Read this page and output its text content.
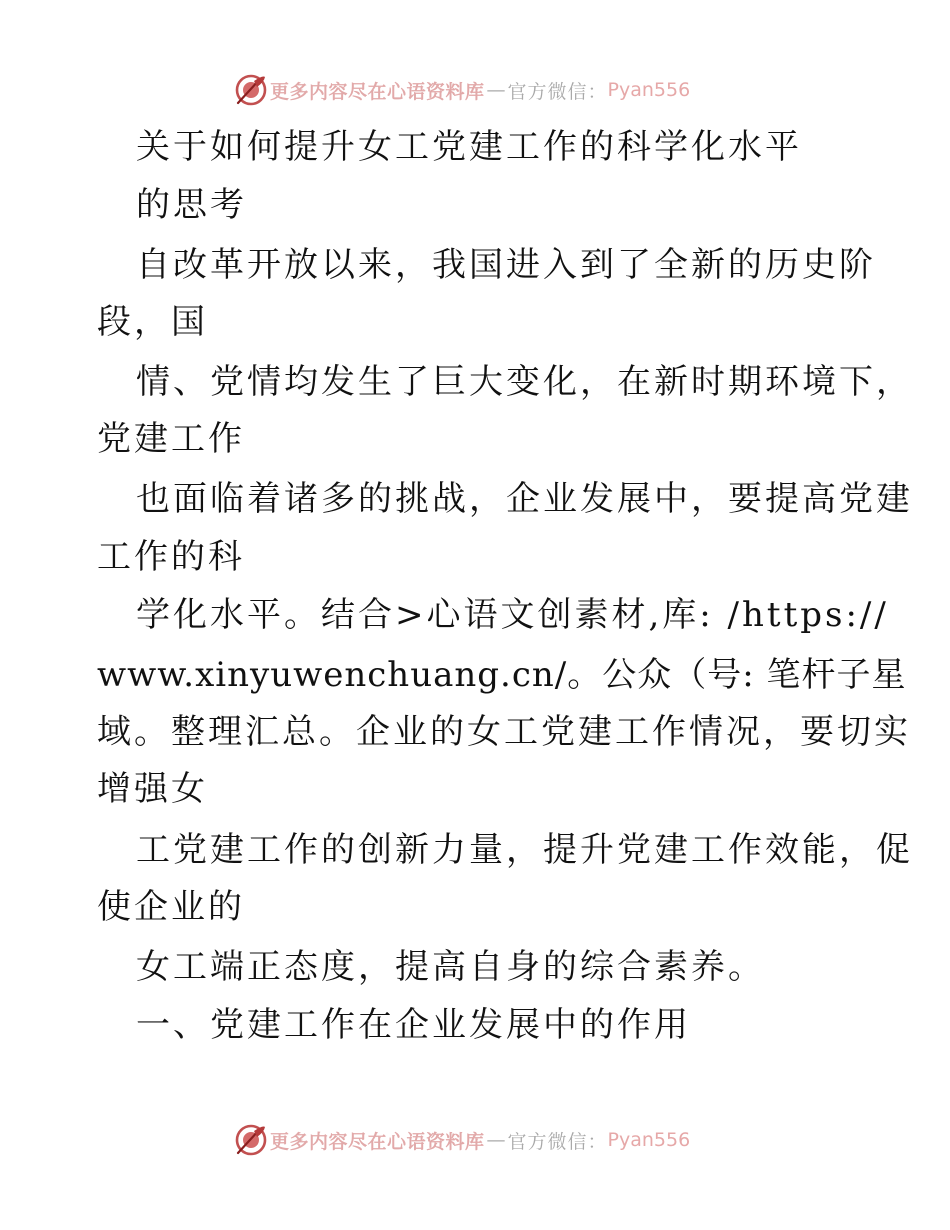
更多内容尽在心语资料库 — 官方微信： Pyan556
关于如何提升女工党建工作的科学化水平
的思考
自改革开放以来，我国进入到了全新的历史阶
段，国
情、党情均发生了巨大变化，在新时期环境下，
党建工作
也面临着诸多的挑战，企业发展中，要提高党建
工作的科
学化水平。结合>心语文创素材,库: /https://
www.xinyuwenchuang.cn/。公众（号: 笔杆子星
域。整理汇总。企业的女工党建工作情况，要切实
增强女
工党建工作的创新力量，提升党建工作效能，促
使企业的
女工端正态度，提高自身的综合素养。
一、党建工作在企业发展中的作用
更多内容尽在心语资料库 — 官方微信： Pyan556
